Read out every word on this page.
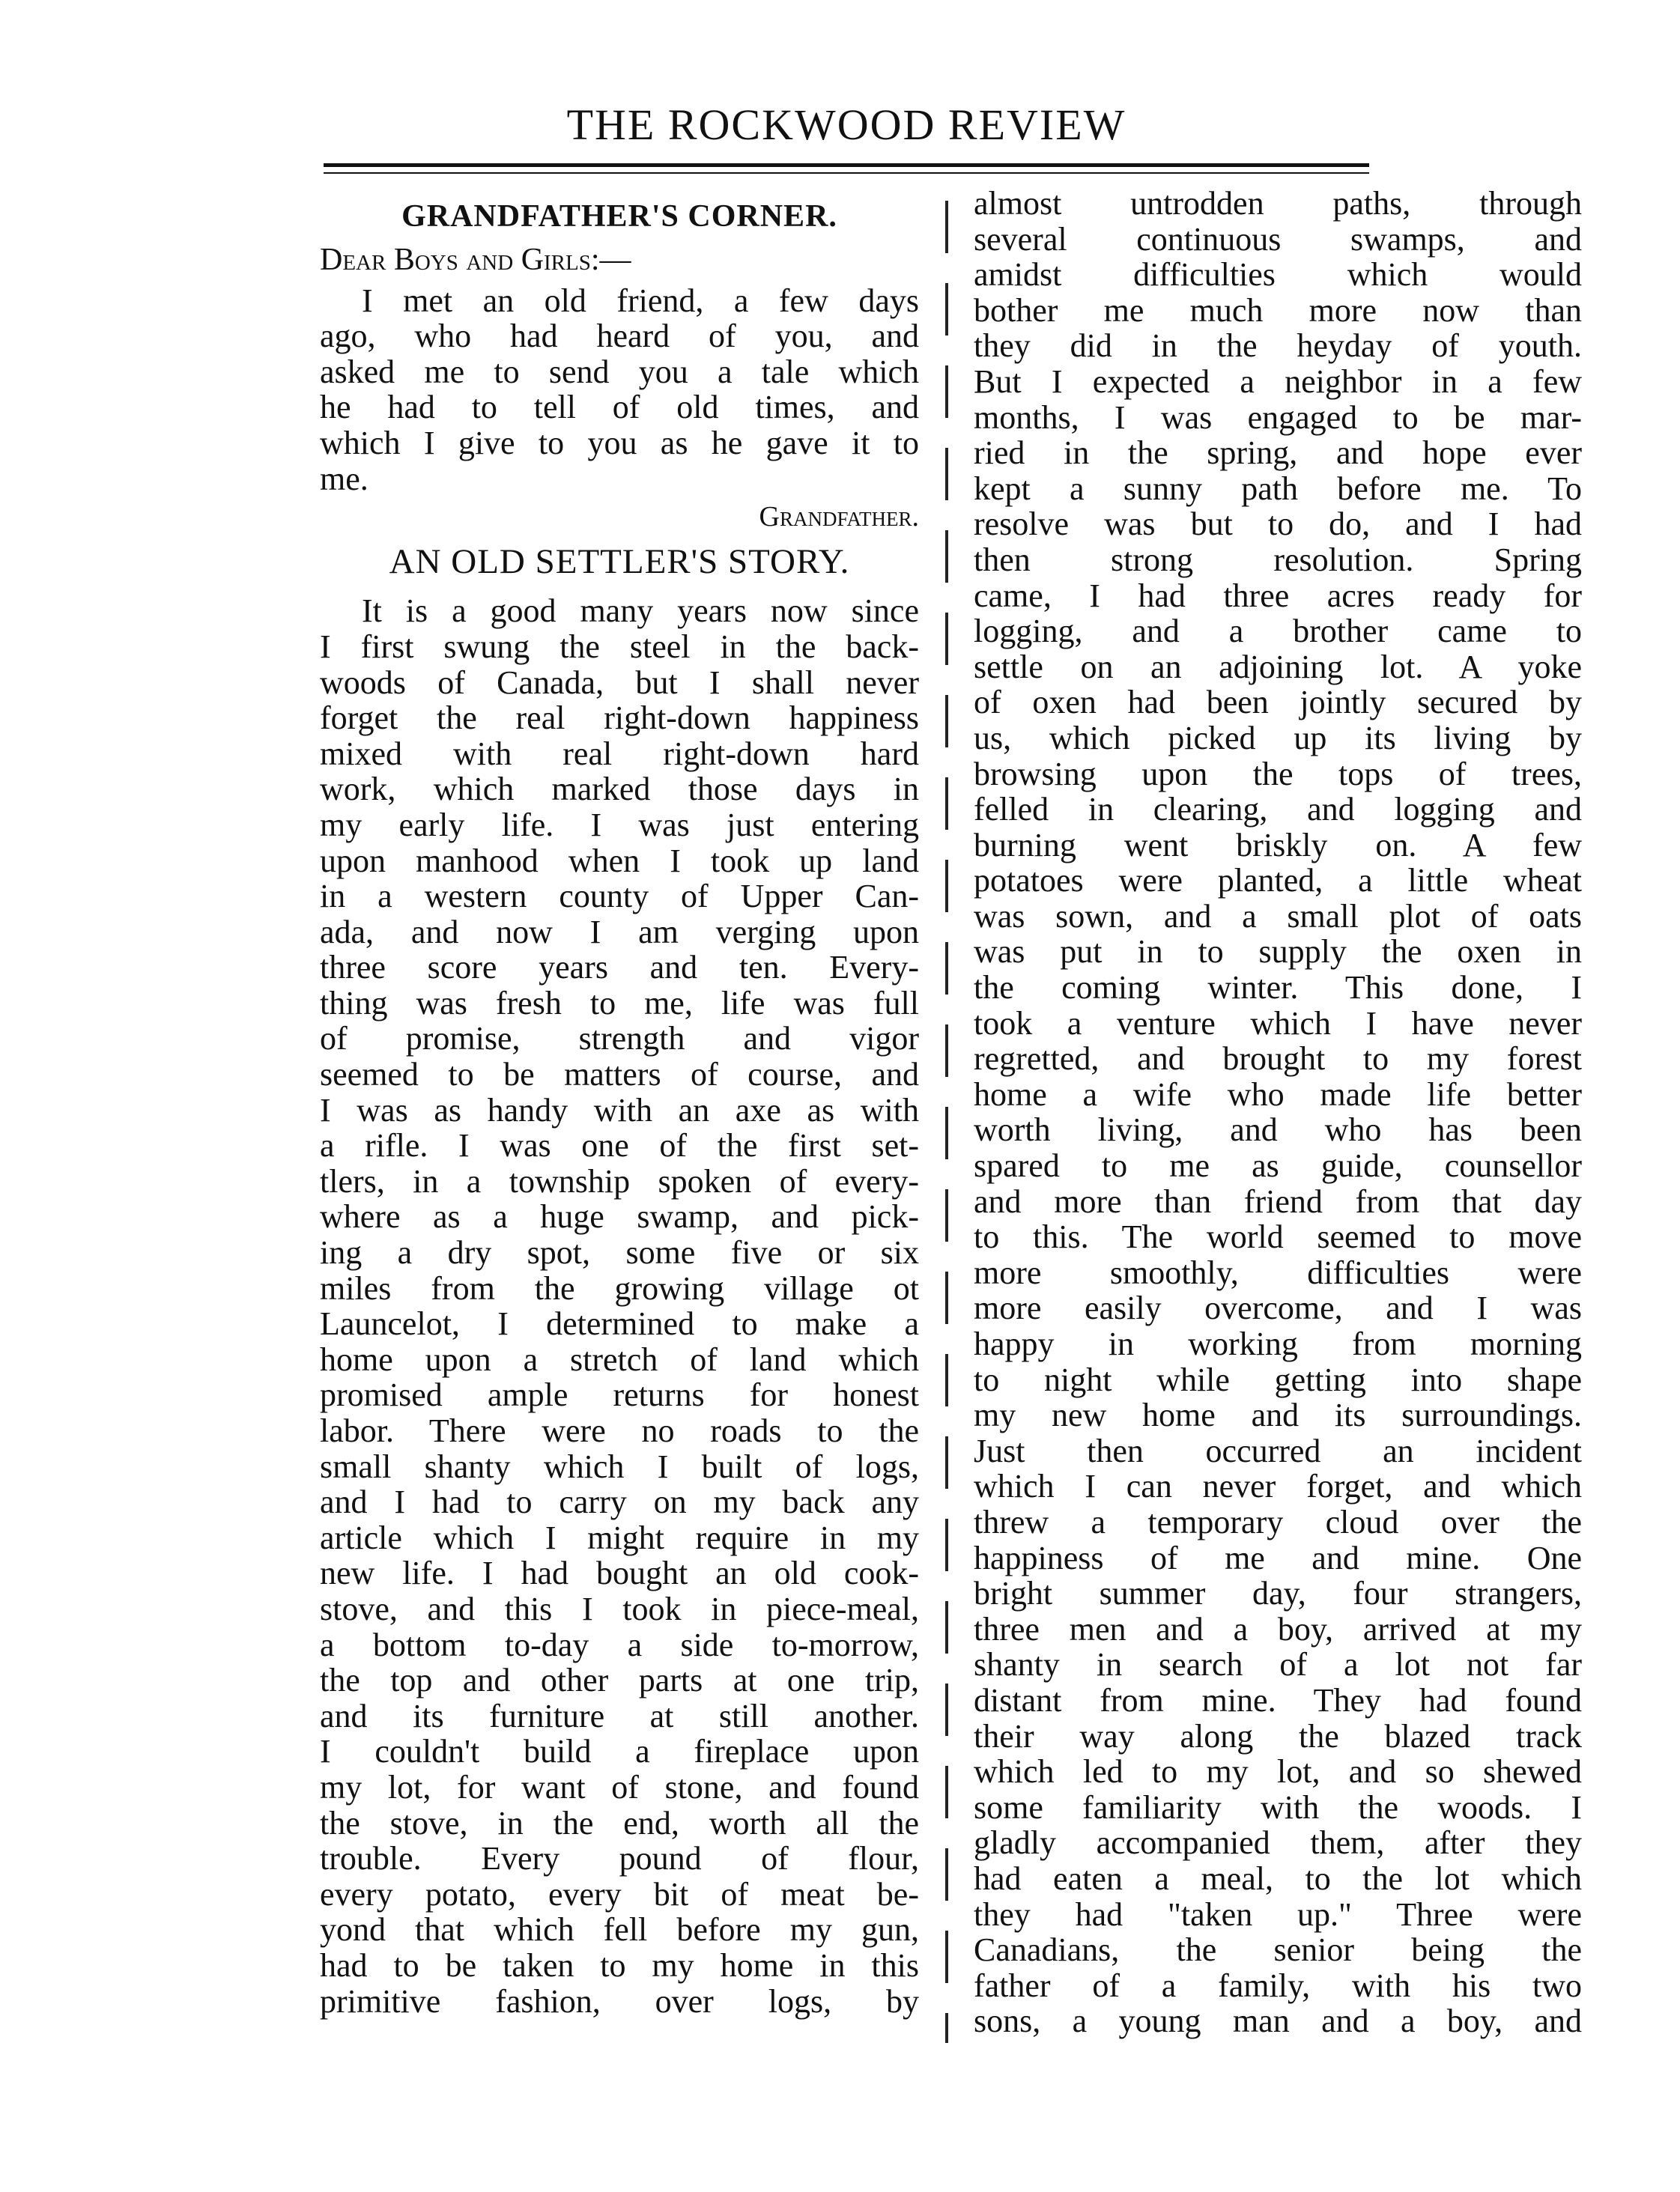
THE ROCKWOOD REVIEW
GRANDFATHER'S CORNER.
Dear Boys and Girls:—
I met an old friend, a few days
ago, who had heard of you, and
asked me to send you a tale which
he had to tell of old times, and
which I give to you as he gave it to
me.
Grandfather.
AN OLD SETTLER'S STORY.
It is a good many years now since
I first swung the steel in the back-
woods of Canada, but I shall never
forget the real right-down happiness
mixed with real right-down hard
work, which marked those days in
my early life. I was just entering
upon manhood when I took up land
in a western county of Upper Can-
ada, and now I am verging upon
three score years and ten. Every-
thing was fresh to me, life was full
of promise, strength and vigor
seemed to be matters of course, and
I was as handy with an axe as with
a rifle. I was one of the first set-
tlers, in a township spoken of every-
where as a huge swamp, and pick-
ing a dry spot, some five or six
miles from the growing village ot
Launcelot, I determined to make a
home upon a stretch of land which
promised ample returns for honest
labor. There were no roads to the
small shanty which I built of logs,
and I had to carry on my back any
article which I might require in my
new life. I had bought an old cook-
stove, and this I took in piece-meal,
a bottom to-day a side to-morrow,
the top and other parts at one trip,
and its furniture at still another.
I couldn't build a fireplace upon
my lot, for want of stone, and found
the stove, in the end, worth all the
trouble. Every pound of flour,
every potato, every bit of meat be-
yond that which fell before my gun,
had to be taken to my home in this
primitive fashion, over logs, by
almost untrodden paths, through
several continuous swamps, and
amidst difficulties which would
bother me much more now than
they did in the heyday of youth.
But I expected a neighbor in a few
months, I was engaged to be mar-
ried in the spring, and hope ever
kept a sunny path before me. To
resolve was but to do, and I had
then strong resolution. Spring
came, I had three acres ready for
logging, and a brother came to
settle on an adjoining lot. A yoke
of oxen had been jointly secured by
us, which picked up its living by
browsing upon the tops of trees,
felled in clearing, and logging and
burning went briskly on. A few
potatoes were planted, a little wheat
was sown, and a small plot of oats
was put in to supply the oxen in
the coming winter. This done, I
took a venture which I have never
regretted, and brought to my forest
home a wife who made life better
worth living, and who has been
spared to me as guide, counsellor
and more than friend from that day
to this. The world seemed to move
more smoothly, difficulties were
more easily overcome, and I was
happy in working from morning
to night while getting into shape
my new home and its surroundings.
Just then occurred an incident
which I can never forget, and which
threw a temporary cloud over the
happiness of me and mine. One
bright summer day, four strangers,
three men and a boy, arrived at my
shanty in search of a lot not far
distant from mine. They had found
their way along the blazed track
which led to my lot, and so shewed
some familiarity with the woods. I
gladly accompanied them, after they
had eaten a meal, to the lot which
they had "taken up." Three were
Canadians, the senior being the
father of a family, with his two
sons, a young man and a boy, and
